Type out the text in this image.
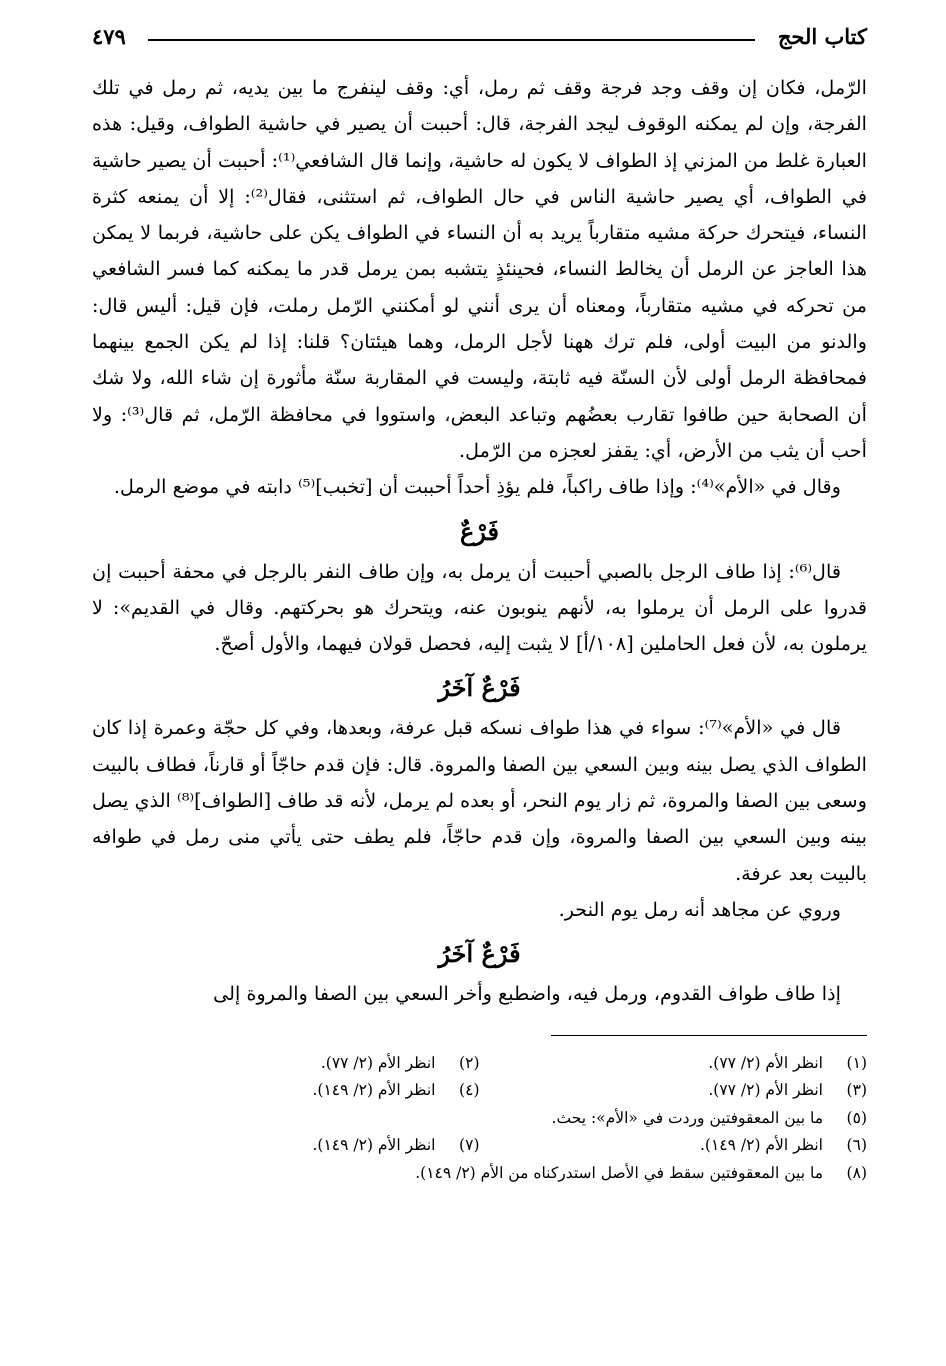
كتاب الحج
٤٧٩

الرّمل، فكان إن وقف وجد فرجة وقف ثم رمل، أي: وقف لينفرج ما بين يديه، ثم رمل في تلك الفرجة، وإن لم يمكنه الوقوف ليجد الفرجة، قال: أحببت أن يصير في حاشية الطواف، وقيل: هذه العبارة غلط من المزني إذ الطواف لا يكون له حاشية، وإنما قال الشافعي⁽¹⁾: أحببت أن يصير حاشية في الطواف، أي يصير حاشية الناس في حال الطواف، ثم استثنى، فقال⁽²⁾: إلا أن يمنعه كثرة النساء، فيتحرك حركة مشيه متقارباً يريد به أن النساء في الطواف يكن على حاشية، فربما لا يمكن هذا العاجز عن الرمل أن يخالط النساء، فحينئذٍ يتشبه بمن يرمل قدر ما يمكنه كما فسر الشافعي من تحركه في مشيه متقارباً، ومعناه أن يرى أنني لو أمكنني الرّمل رملت، فإن قيل: أليس قال: والدنو من البيت أولى، فلم ترك ههنا لأجل الرمل، وهما هيئتان؟ قلنا: إذا لم يكن الجمع بينهما فمحافظة الرمل أولى لأن السنّة فيه ثابتة، وليست في المقاربة سنّة مأثورة إن شاء الله، ولا شك أن الصحابة حين طافوا تقارب بعضُهم وتباعد البعض، واستووا في محافظة الرّمل، ثم قال⁽³⁾: ولا أحب أن يثب من الأرض، أي: يقفز لعجزه من الرّمل.

وقال في «الأم»⁽⁴⁾: وإذا طاف راكباً، فلم يؤذِ أحداً أحببت أن [تخبب]⁽⁵⁾ دابته في موضع الرمل.

فَرْعٌ

قال⁽⁶⁾: إذا طاف الرجل بالصبي أحببت أن يرمل به، وإن طاف النفر بالرجل في محفة أحببت إن قدروا على الرمل أن يرملوا به، لأنهم ينوبون عنه، ويتحرك هو بحركتهم. وقال في القديم»: لا يرملون به، لأن فعل الحاملين [١٠٨/أ] لا يثبت إليه، فحصل قولان فيهما، والأول أصحّ.

فَرْعٌ آخَرُ

قال في «الأم»⁽⁷⁾: سواء في هذا طواف نسكه قبل عرفة، وبعدها، وفي كل حجّة وعمرة إذا كان الطواف الذي يصل بينه وبين السعي بين الصفا والمروة. قال: فإن قدم حاجّاً أو قارناً، فطاف بالبيت وسعى بين الصفا والمروة، ثم زار يوم النحر، أو بعده لم يرمل، لأنه قد طاف [الطواف]⁽⁸⁾ الذي يصل بينه وبين السعي بين الصفا والمروة، وإن قدم حاجّاً، فلم يطف حتى يأتي منى رمل في طوافه بالبيت بعد عرفة.

وروي عن مجاهد أنه رمل يوم النحر.

فَرْعٌ آخَرُ

إذا طاف طواف القدوم، ورمل فيه، واضطبع وأخر السعي بين الصفا والمروة إلى

(١)
انظر الأم (٢/ ٧٧).
(٢)
انظر الأم (٢/ ٧٧).
(٣)
انظر الأم (٢/ ٧٧).
(٤)
انظر الأم (٢/ ١٤٩).
(٥)
ما بين المعقوفتين وردت في «الأم»: يحث.
(٦)
انظر الأم (٢/ ١٤٩).
(٧)
انظر الأم (٢/ ١٤٩).
(٨)
ما بين المعقوفتين سقط في الأصل استدركناه من الأم (٢/ ١٤٩).
